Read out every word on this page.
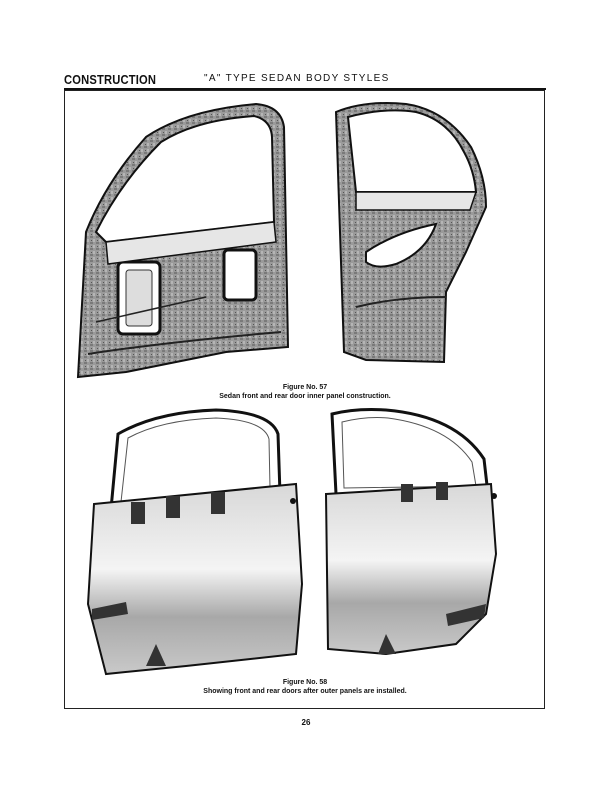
CONSTRUCTION	"A" TYPE SEDAN BODY STYLES
Figure No. 57
Sedan front and rear door inner panel construction.
Figure No. 58
Showing front and rear doors after outer panels are installed.
26
